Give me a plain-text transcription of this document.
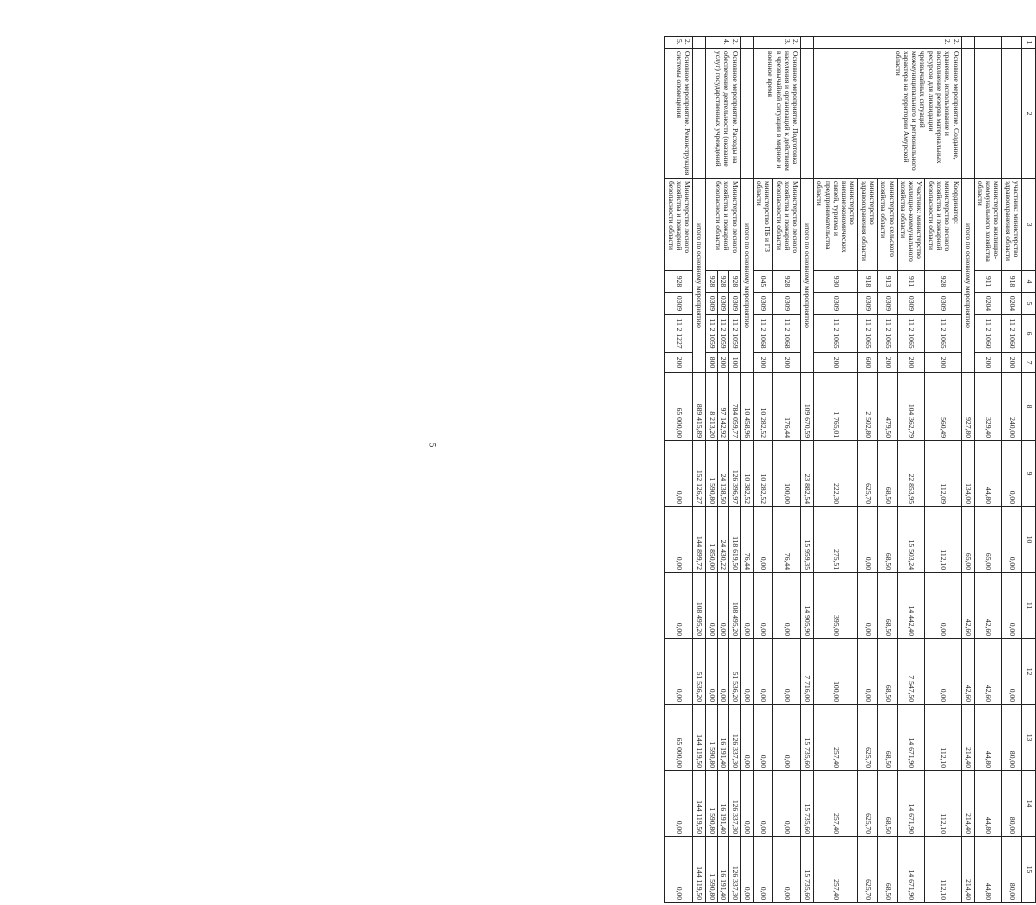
5
1	2	3	4	5	6	7	8	9	10	11	12	13	14	15
		участник: министерство здравоохранения области	918	0204	11 2 1060	200	240,00	0,00	0,00	0,00	0,00	80,00	80,00	80,00
		министерство жилищно-коммунального хозяйства области	911	0204	11 2 1060	200	329,40	44,80	65,00	42,60	42,60	44,80	44,80	44,80
		итого по основному мероприятию					927,80	134,00	65,00	42,60	42,60	214,40	214,40	214,40
2.2.	Основное мероприятие. Создание, хранение, использование и восполнение резерва материальных ресурсов для ликвидации чрезвычайных ситуаций межмуниципального и регионального характера на территории Амурской области	Координатор: министерство лесного хозяйства и пожарной безопасности области	928	0309	11 2 1065	200	560,49	112,09	112,10	0,00	0,00	112,10	112,10	112,10
		Участник: министерство жилищно-коммунального хозяйства области	911	0309	11 2 1065	200	104 362,79	22 853,95	15 503,24	14 442,40	7 547,50	14 671,90	14 671,90	14 671,90
		министерство сельского хозяйства области	913	0309	11 2 1065	200	479,50	68,50	68,50	68,50	68,50	68,50	68,50	68,50
		министерство здравоохранения области	918	0309	11 2 1065	600	2 502,80	625,70	0,00	0,00	0,00	625,70	625,70	625,70
		министерство внешнеэкономических связей, туризма и предпринимательства области	930	0309	11 2 1065	200	1 765,01	222,30	275,51	395,00	100,00	257,40	257,40	257,40
		итого по основному мероприятию					109 670,59	23 882,54	15 959,35	14 905,90	7 716,00	15 735,60	15 735,60	15 735,60
2.3.	Основное мероприятие. Подготовка населения и организаций к действиям в чрезвычайной ситуации в мирное и военное время	Министерство лесного хозяйства и пожарной безопасности области	928	0309	11 2 1068	200	176,44	100,00	76,44	0,00	0,00	0,00	0,00	0,00
		министерство ПБ и ГЗ области	045	0309	11 2 1068	200	10 282,52	10 282,52	0,00	0,00	0,00	0,00	0,00	0,00
		итого по основному мероприятию					10 458,96	10 382,52	76,44	0,00	0,00	0,00	0,00	0,00
2.4.	Основное мероприятие. Расходы на обеспечение деятельности (оказание услуг) государственных учреждений	Министерство лесного хозяйства и пожарной безопасности области	928	0309	11 2 1059	100	784 059,77	126 396,97	118 619,50	108 495,20	51 536,20	126 337,30	126 337,30	126 337,30
			928	0309	11 2 1059	200	97 142,92	24 138,50	24 430,22	0,00	0,00	16 191,40	16 191,40	16 191,40
			928	0309	11 2 1059	800	8 213,20	1 590,80	1 850,00	0,00	0,00	1 590,80	1 590,80	1 590,80
		итого по основному мероприятию					889 415,89	152 126,27	144 899,72	108 495,20	51 536,20	144 119,50	144 119,50	144 119,50
2.5.	Основное мероприятие. Реконструкция системы оповещения	Министерство лесного хозяйства и пожарной безопасности области	928	0309	11 2 1227	200	65 000,00	0,00	0,00	0,00	0,00	65 000,00	0,00	0,00
